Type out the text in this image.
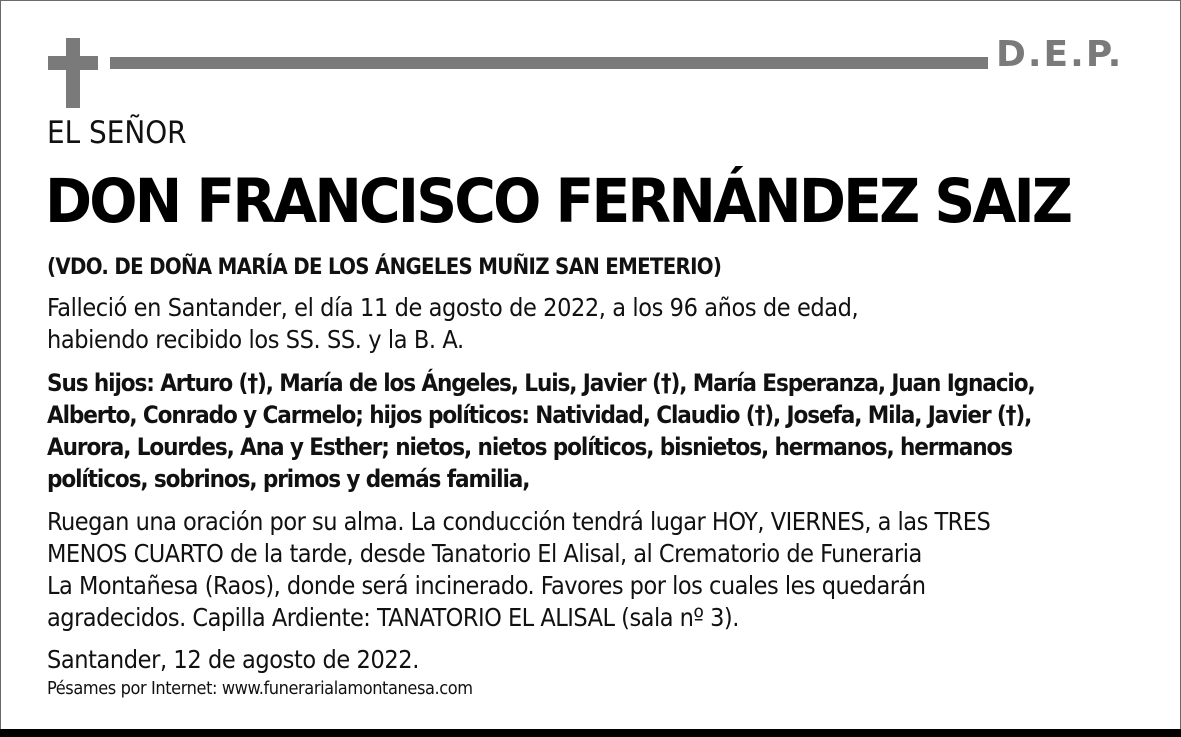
D.E.P.
EL SEÑOR
DON FRANCISCO FERNÁNDEZ SAIZ
(VDO. DE DOÑA MARÍA DE LOS ÁNGELES MUÑIZ SAN EMETERIO)
Falleció en Santander, el día 11 de agosto de 2022, a los 96 años de edad,
habiendo recibido los SS. SS. y la B. A.
Sus hijos: Arturo (†), María de los Ángeles, Luis, Javier (†), María Esperanza, Juan Ignacio,
Alberto, Conrado y Carmelo; hijos políticos: Natividad, Claudio (†), Josefa, Mila, Javier (†),
Aurora, Lourdes, Ana y Esther; nietos, nietos políticos, bisnietos, hermanos, hermanos
políticos, sobrinos, primos y demás familia,
Ruegan una oración por su alma. La conducción tendrá lugar HOY, VIERNES, a las TRES
MENOS CUARTO de la tarde, desde Tanatorio El Alisal, al Crematorio de Funeraria
La Montañesa (Raos), donde será incinerado. Favores por los cuales les quedarán
agradecidos. Capilla Ardiente: TANATORIO EL ALISAL (sala nº 3).
Santander, 12 de agosto de 2022.
Pésames por Internet: www.funerarialamontanesa.com
